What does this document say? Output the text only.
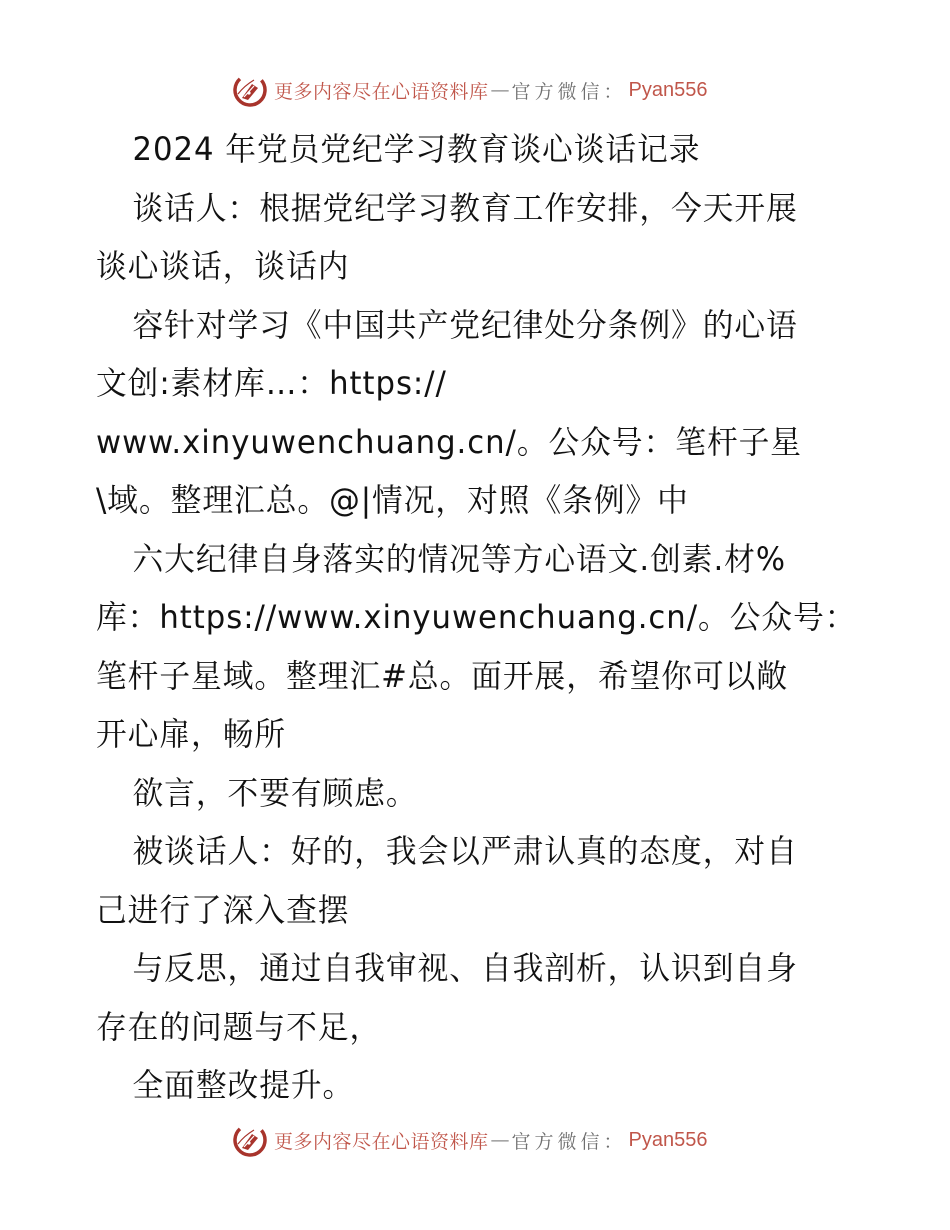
更多内容尽在心语资料库 — 官方微信： Pyan556
2024 年党员党纪学习教育谈心谈话记录
谈话人：根据党纪学习教育工作安排，今天开展
谈心谈话，谈话内
容针对学习《中国共产党纪律处分条例》的心语
文创:素材库…：https://
www.xinyuwenchuang.cn/。公众号：笔杆子星
\域。整理汇总。@|情况，对照《条例》中
六大纪律自身落实的情况等方心语文.创素.材%
库：https://www.xinyuwenchuang.cn/。公众号：
笔杆子星域。整理汇#总。面开展，希望你可以敞
开心扉，畅所
欲言，不要有顾虑。
被谈话人：好的，我会以严肃认真的态度，对自
己进行了深入查摆
与反思，通过自我审视、自我剖析，认识到自身
存在的问题与不足，
全面整改提升。
更多内容尽在心语资料库 — 官方微信： Pyan556
